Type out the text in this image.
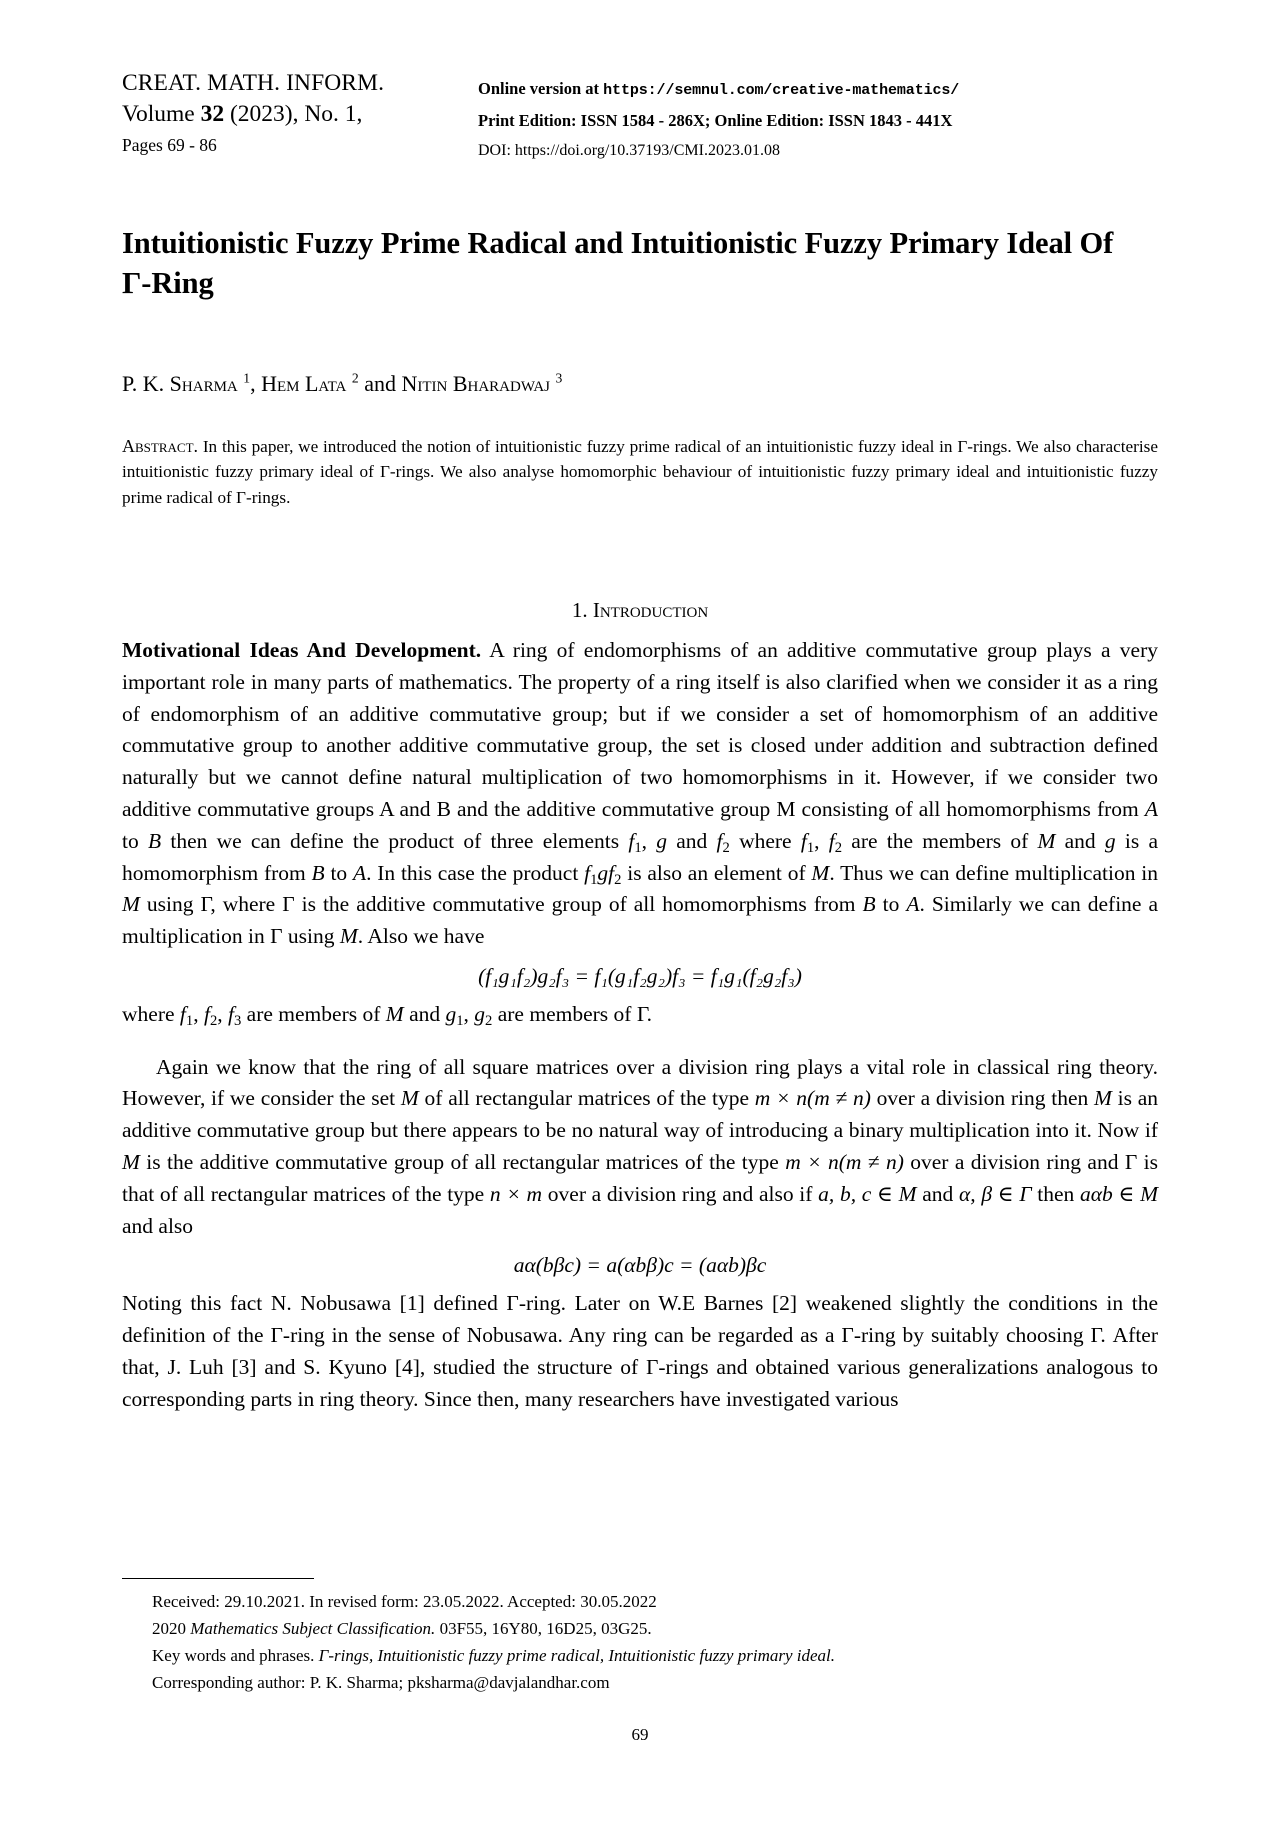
CREAT. MATH. INFORM.
Volume 32 (2023), No. 1,
Pages 69 - 86
Online version at https://semnul.com/creative-mathematics/
Print Edition: ISSN 1584 - 286X; Online Edition: ISSN 1843 - 441X
DOI: https://doi.org/10.37193/CMI.2023.01.08
Intuitionistic Fuzzy Prime Radical and Intuitionistic Fuzzy Primary Ideal Of Γ-Ring
P. K. Sharma $^1$, Hem Lata $^2$ and Nitin Bharadwaj $^3$
Abstract. In this paper, we introduced the notion of intuitionistic fuzzy prime radical of an intuitionistic fuzzy ideal in Γ-rings. We also characterise intuitionistic fuzzy primary ideal of Γ-rings. We also analyse homomorphic behaviour of intuitionistic fuzzy primary ideal and intuitionistic fuzzy prime radical of Γ-rings.
1. Introduction

Motivational Ideas And Development. A ring of endomorphisms of an additive commutative group plays a very important role in many parts of mathematics. The property of a ring itself is also clarified when we consider it as a ring of endomorphism of an additive commutative group; but if we consider a set of homomorphism of an additive commutative group to another additive commutative group, the set is closed under addition and subtraction defined naturally but we cannot define natural multiplication of two homomorphisms in it. However, if we consider two additive commutative groups A and B and the additive commutative group M consisting of all homomorphisms from A to B then we can define the product of three elements $f_1$, g and $f_2$ where $f_1$, $f_2$ are the members of M and g is a homomorphism from B to A. In this case the product $f_1gf_2$ is also an element of M. Thus we can define multiplication in M using Γ, where Γ is the additive commutative group of all homomorphisms from B to A. Similarly we can define a multiplication in Γ using M. Also we have

(f₁g₁f₂)g₂f₃ = f₁(g₁f₂g₂)f₃ = f₁g₁(f₂g₂f₃)

where $f_1$, $f_2$, $f_3$ are members of M and $g_1$, $g_2$ are members of Γ.

Again we know that the ring of all square matrices over a division ring plays a vital role in classical ring theory. However, if we consider the set M of all rectangular matrices of the type m × n(m ≠ n) over a division ring then M is an additive commutative group but there appears to be no natural way of introducing a binary multiplication into it. Now if M is the additive commutative group of all rectangular matrices of the type m × n(m ≠ n) over a division ring and Γ is that of all rectangular matrices of the type n × m over a division ring and also if a, b, c ∈ M and α, β ∈ Γ then aαb ∈ M and also

aα(bβc) = a(αbβ)c = (aαb)βc

Noting this fact N. Nobusawa [1] defined Γ-ring. Later on W.E Barnes [2] weakened slightly the conditions in the definition of the Γ-ring in the sense of Nobusawa. Any ring can be regarded as a Γ-ring by suitably choosing Γ. After that, J. Luh [3] and S. Kyuno [4], studied the structure of Γ-rings and obtained various generalizations analogous to corresponding parts in ring theory. Since then, many researchers have investigated various

Received: 29.10.2021. In revised form: 23.05.2022. Accepted: 30.05.2022
2020 Mathematics Subject Classification. 03F55, 16Y80, 16D25, 03G25.
Key words and phrases. Γ-rings, Intuitionistic fuzzy prime radical, Intuitionistic fuzzy primary ideal.
Corresponding author: P. K. Sharma; pksharma@davjalandhar.com
69
